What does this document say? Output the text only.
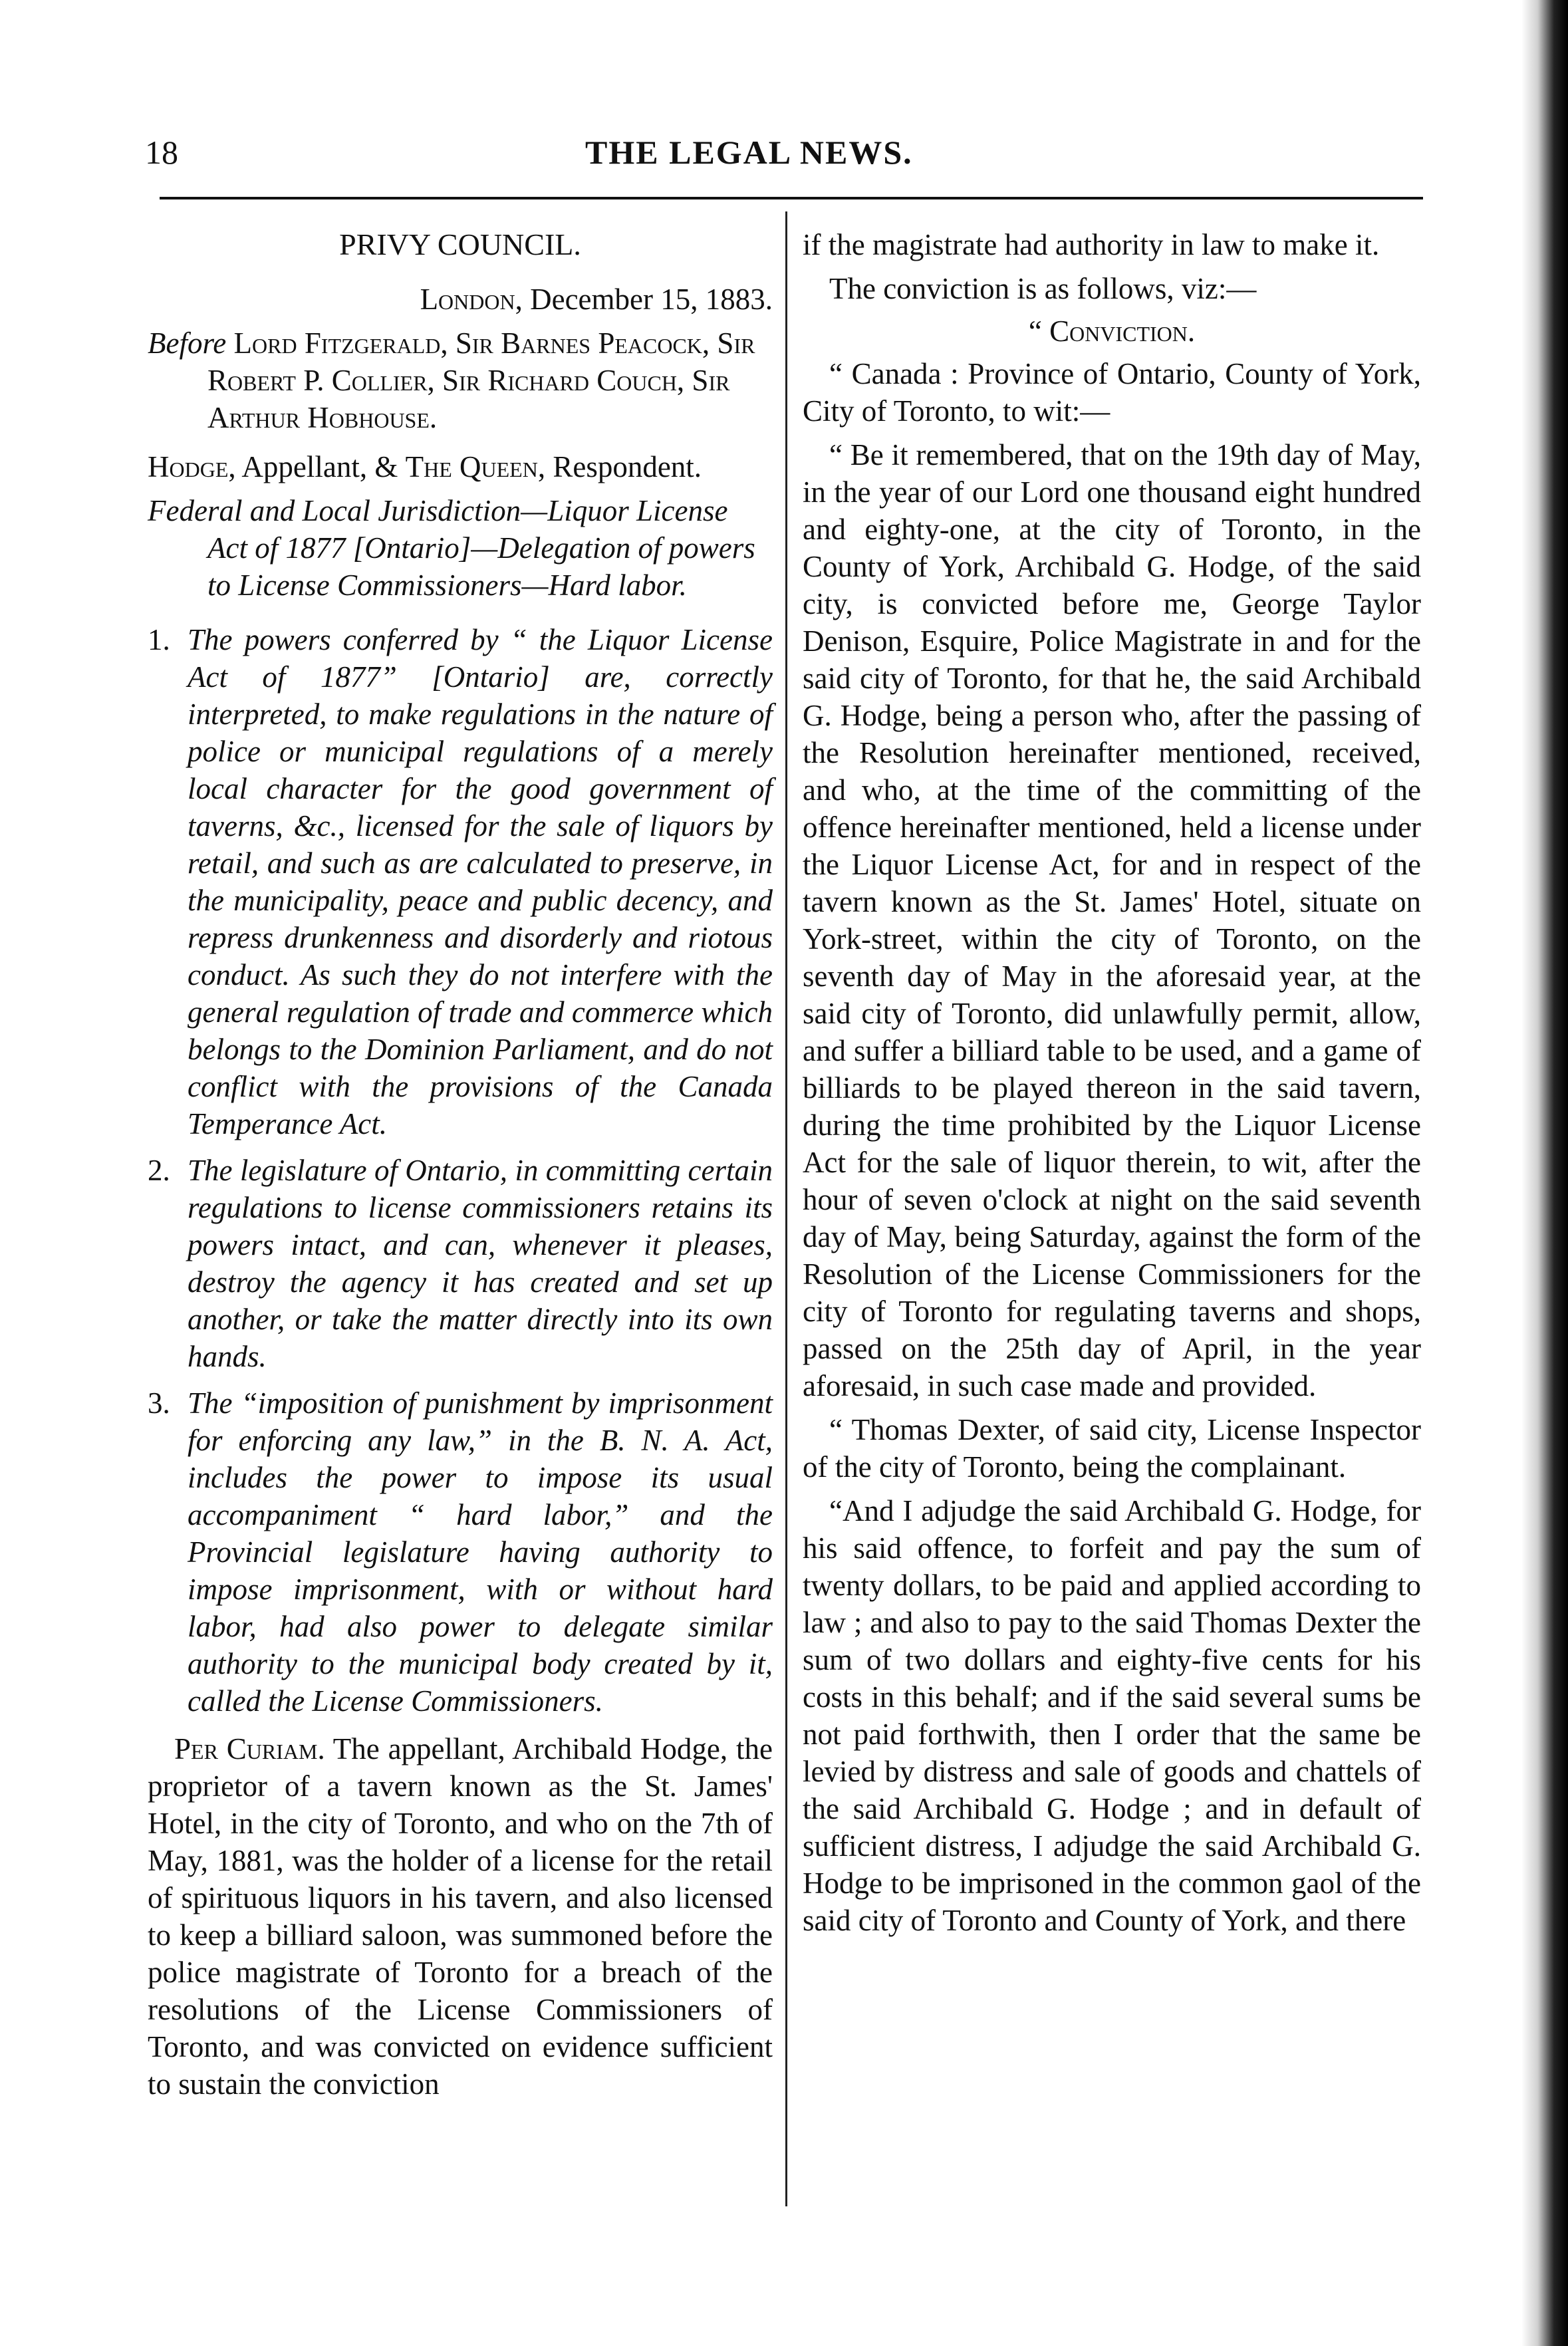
18	THE LEGAL NEWS.

PRIVY COUNCIL.

London, December 15, 1883.

Before Lord Fitzgerald, Sir Barnes Peacock, Sir Robert P. Collier, Sir Richard Couch, Sir Arthur Hobhouse.

Hodge, Appellant, & The Queen, Respondent.

Federal and Local Jurisdiction—Liquor License Act of 1877 [Ontario]—Delegation of powers to License Commissioners—Hard labor.

1. The powers conferred by “ the Liquor License Act of 1877” [Ontario] are, correctly interpreted, to make regulations in the nature of police or municipal regulations of a merely local character for the good government of taverns, &c., licensed for the sale of liquors by retail, and such as are calculated to preserve, in the municipality, peace and public decency, and repress drunkenness and disorderly and riotous conduct. As such they do not interfere with the general regulation of trade and commerce which belongs to the Dominion Parliament, and do not conflict with the provisions of the Canada Temperance Act.
2. The legislature of Ontario, in committing certain regulations to license commissioners retains its powers intact, and can, whenever it pleases, destroy the agency it has created and set up another, or take the matter directly into its own hands.
3. The “imposition of punishment by imprisonment for enforcing any law,” in the B. N. A. Act, includes the power to impose its usual accompaniment “ hard labor,” and the Provincial legislature having authority to impose imprisonment, with or without hard labor, had also power to delegate similar authority to the municipal body created by it, called the License Commissioners.

Per Curiam. The appellant, Archibald Hodge, the proprietor of a tavern known as the St. James' Hotel, in the city of Toronto, and who on the 7th of May, 1881, was the holder of a license for the retail of spirituous liquors in his tavern, and also licensed to keep a billiard saloon, was summoned before the police magistrate of Toronto for a breach of the resolutions of the License Commissioners of Toronto, and was convicted on evidence sufficient to sustain the conviction

if the magistrate had authority in law to make it.

The conviction is as follows, viz:—

“ Conviction.

“ Canada : Province of Ontario, County of York, City of Toronto, to wit:—

“ Be it remembered, that on the 19th day of May, in the year of our Lord one thousand eight hundred and eighty-one, at the city of Toronto, in the County of York, Archibald G. Hodge, of the said city, is convicted before me, George Taylor Denison, Esquire, Police Magistrate in and for the said city of Toronto, for that he, the said Archibald G. Hodge, being a person who, after the passing of the Resolution hereinafter mentioned, received, and who, at the time of the committing of the offence hereinafter mentioned, held a license under the Liquor License Act, for and in respect of the tavern known as the St. James' Hotel, situate on York-street, within the city of Toronto, on the seventh day of May in the aforesaid year, at the said city of Toronto, did unlawfully permit, allow, and suffer a billiard table to be used, and a game of billiards to be played thereon in the said tavern, during the time prohibited by the Liquor License Act for the sale of liquor therein, to wit, after the hour of seven o'clock at night on the said seventh day of May, being Saturday, against the form of the Resolution of the License Commissioners for the city of Toronto for regulating taverns and shops, passed on the 25th day of April, in the year aforesaid, in such case made and provided.

“ Thomas Dexter, of said city, License Inspector of the city of Toronto, being the complainant.

“And I adjudge the said Archibald G. Hodge, for his said offence, to forfeit and pay the sum of twenty dollars, to be paid and applied according to law ; and also to pay to the said Thomas Dexter the sum of two dollars and eighty-five cents for his costs in this behalf; and if the said several sums be not paid forthwith, then I order that the same be levied by distress and sale of goods and chattels of the said Archibald G. Hodge ; and in default of sufficient distress, I adjudge the said Archibald G. Hodge to be imprisoned in the common gaol of the said city of Toronto and County of York, and there
